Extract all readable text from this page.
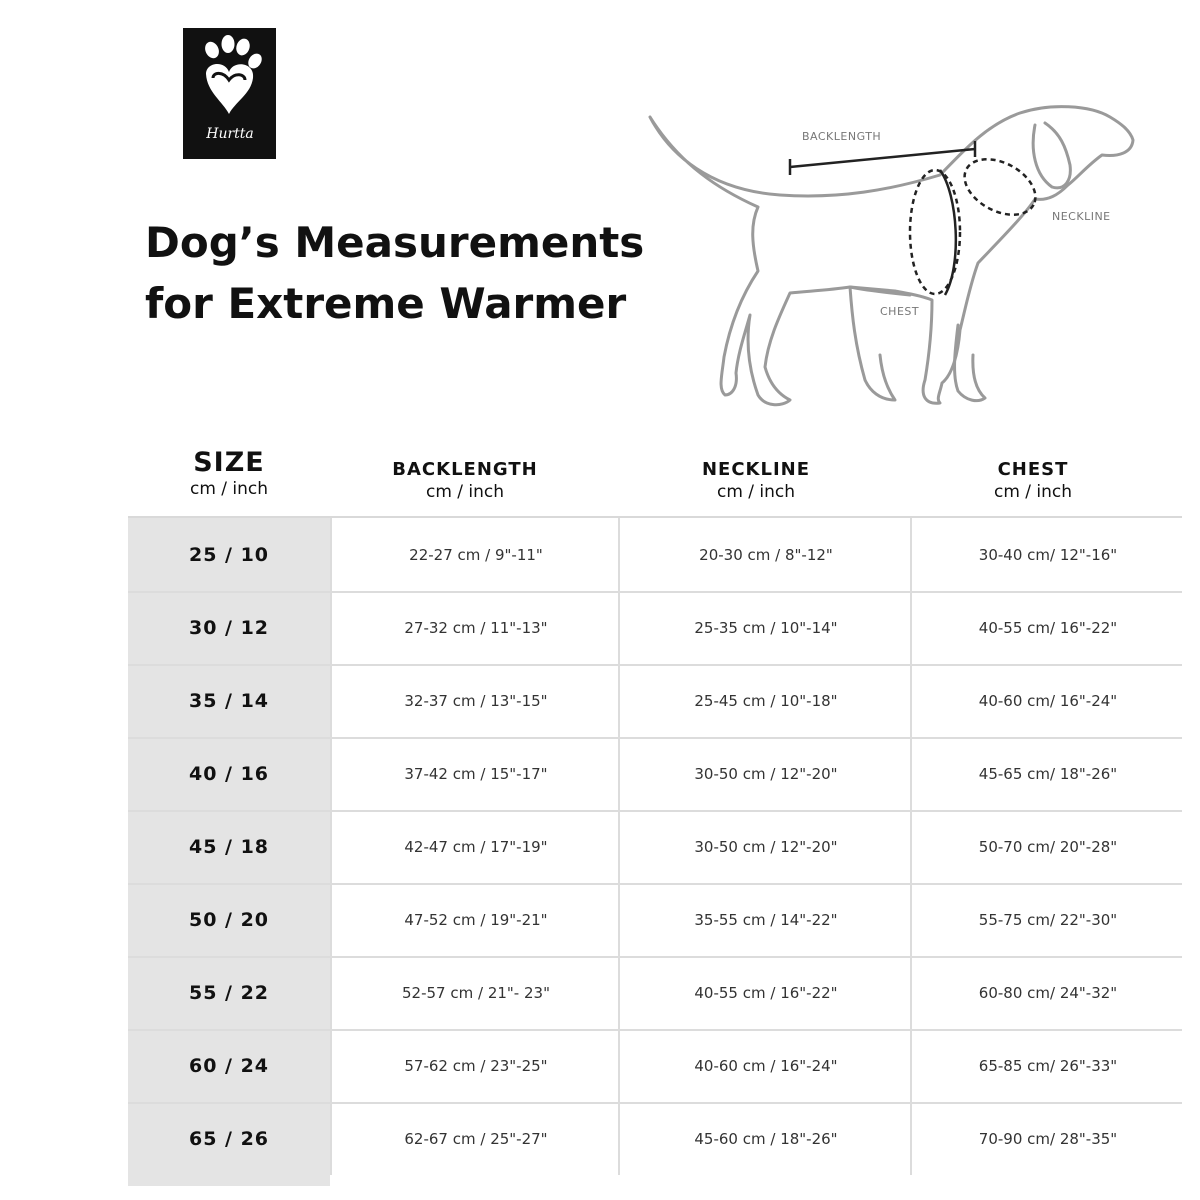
Hurtta
Dog’s Measurements
for Extreme Warmer
BACKLENGTH
NECKLINE
CHEST
SIZE
cm / inch
BACKLENGTH
cm / inch
NECKLINE
cm / inch
CHEST
cm / inch
25 / 10	22-27 cm / 9"-11"	20-30 cm / 8"-12"	30-40 cm/ 12"-16"
30 / 12	27-32 cm / 11"-13"	25-35 cm / 10"-14"	40-55 cm/ 16"-22"
35 / 14	32-37 cm / 13"-15"	25-45 cm / 10"-18"	40-60 cm/ 16"-24"
40 / 16	37-42 cm / 15"-17"	30-50 cm / 12"-20"	45-65 cm/ 18"-26"
45 / 18	42-47 cm / 17"-19"	30-50 cm / 12"-20"	50-70 cm/ 20"-28"
50 / 20	47-52 cm / 19"-21"	35-55 cm / 14"-22"	55-75 cm/ 22"-30"
55 / 22	52-57 cm / 21"- 23"	40-55 cm / 16"-22"	60-80 cm/ 24"-32"
60 / 24	57-62 cm / 23"-25"	40-60 cm / 16"-24"	65-85 cm/ 26"-33"
65 / 26	62-67 cm / 25"-27"	45-60 cm / 18"-26"	70-90 cm/ 28"-35"
